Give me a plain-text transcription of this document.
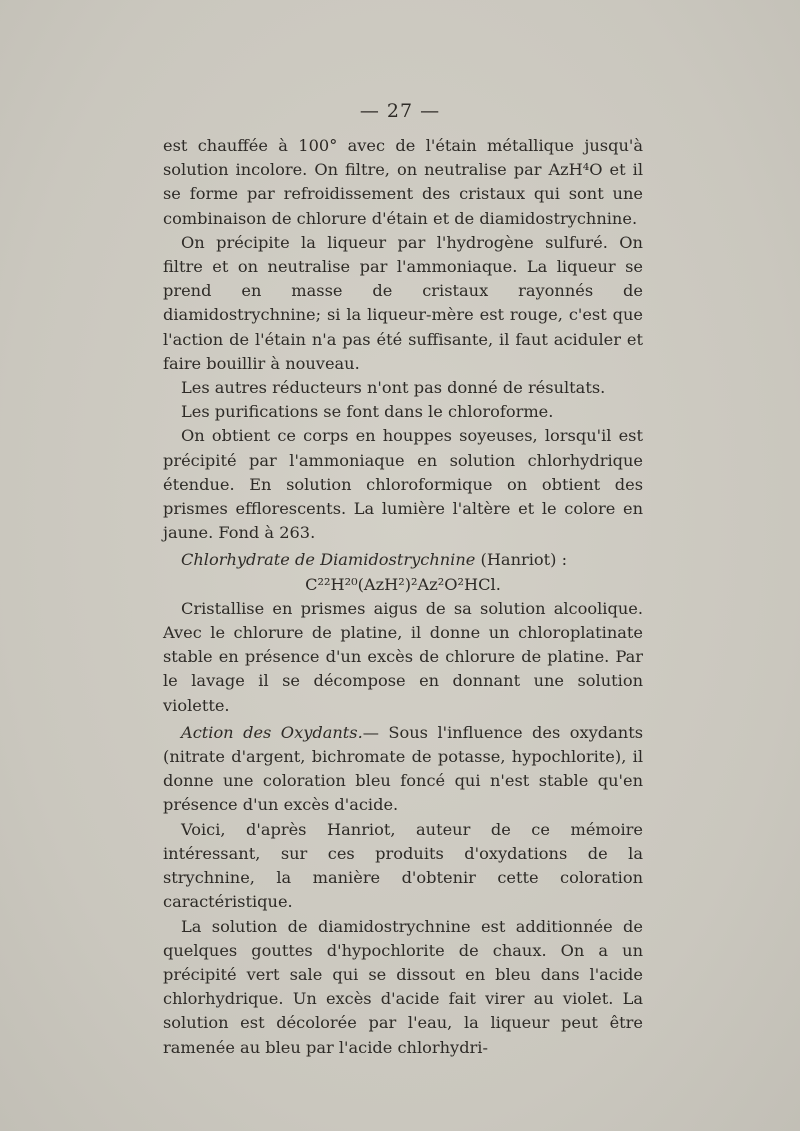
— 27 —

est chauffée à 100° avec de l'étain métallique jusqu'à solution incolore. On filtre, on neutralise par AzH⁴O et il se forme par refroidissement des cristaux qui sont une combinaison de chlorure d'étain et de diamidostrychnine.

On précipite la liqueur par l'hydrogène sulfuré. On filtre et on neutralise par l'ammoniaque. La liqueur se prend en masse de cristaux rayonnés de diamidostrychnine; si la liqueur-mère est rouge, c'est que l'action de l'étain n'a pas été suffisante, il faut aciduler et faire bouillir à nouveau.

Les autres réducteurs n'ont pas donné de résultats.

Les purifications se font dans le chloroforme.

On obtient ce corps en houppes soyeuses, lorsqu'il est précipité par l'ammoniaque en solution chlorhydrique étendue. En solution chloroformique on obtient des prismes efflorescents. La lumière l'altère et le colore en jaune. Fond à 263.

Chlorhydrate de Diamidostrychnine (Hanriot) :

C²²H²⁰(AzH²)²Az²O²HCl.

Cristallise en prismes aigus de sa solution alcoolique. Avec le chlorure de platine, il donne un chloroplatinate stable en présence d'un excès de chlorure de platine. Par le lavage il se décompose en donnant une solution violette.

Action des Oxydants.— Sous l'influence des oxydants (nitrate d'argent, bichromate de potasse, hypochlorite), il donne une coloration bleu foncé qui n'est stable qu'en présence d'un excès d'acide.

Voici, d'après Hanriot, auteur de ce mémoire intéressant, sur ces produits d'oxydations de la strychnine, la manière d'obtenir cette coloration caractéristique.

La solution de diamidostrychnine est additionnée de quelques gouttes d'hypochlorite de chaux. On a un précipité vert sale qui se dissout en bleu dans l'acide chlorhydrique. Un excès d'acide fait virer au violet. La solution est décolorée par l'eau, la liqueur peut être ramenée au bleu par l'acide chlorhydri-
